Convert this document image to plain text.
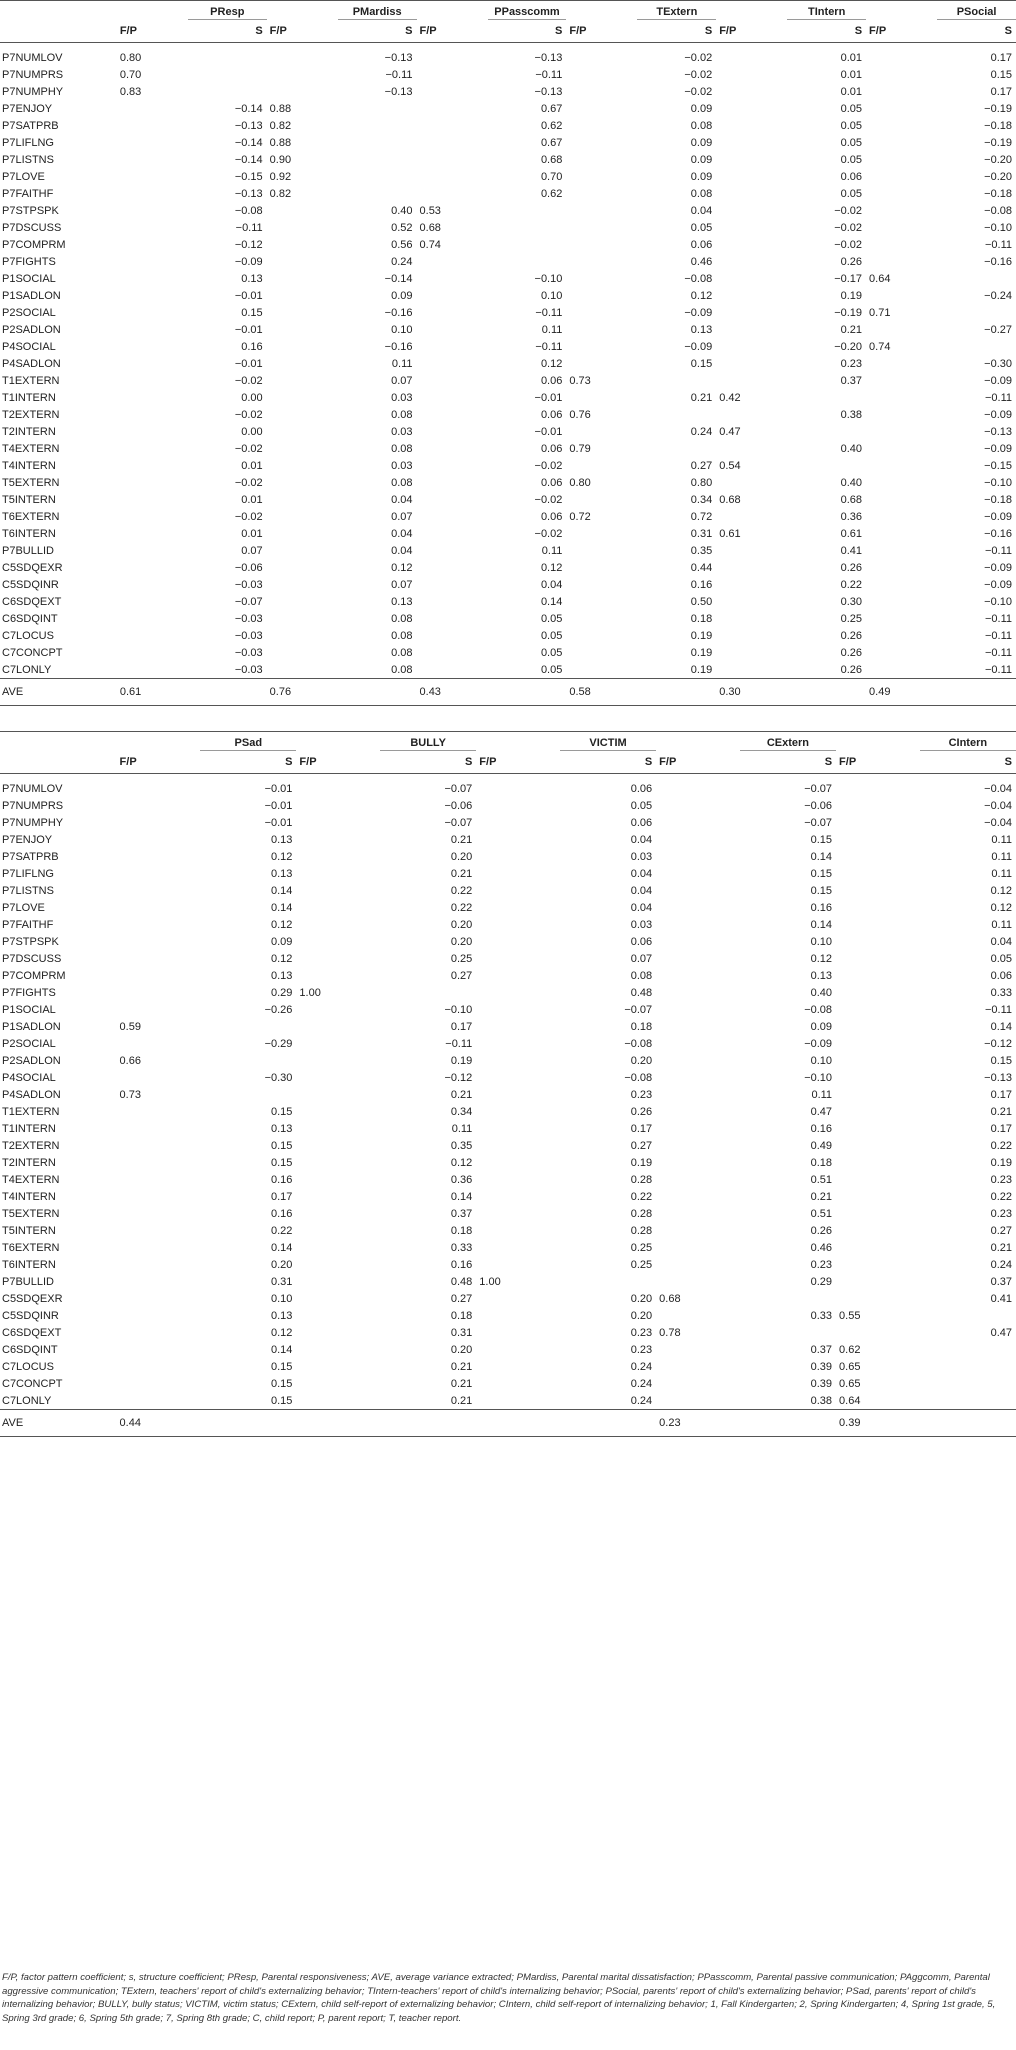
		PResp		PMardiss		PPasscomm		TExtern		TIntern		PSocial
	F/P	S	F/P	S	F/P	S	F/P	S	F/P	S	F/P	S

P7NUMLOV	0.80			−0.13		−0.13		−0.02		0.01		0.17
P7NUMPRS	0.70			−0.11		−0.11		−0.02		0.01		0.15
P7NUMPHY	0.83			−0.13		−0.13		−0.02		0.01		0.17
P7ENJOY		−0.14	0.88			0.67		0.09		0.05		−0.19
P7SATPRB		−0.13	0.82			0.62		0.08		0.05		−0.18
P7LIFLNG		−0.14	0.88			0.67		0.09		0.05		−0.19
P7LISTNS		−0.14	0.90			0.68		0.09		0.05		−0.20
P7LOVE		−0.15	0.92			0.70		0.09		0.06		−0.20
P7FAITHF		−0.13	0.82			0.62		0.08		0.05		−0.18
P7STPSPK		−0.08		0.40	0.53			0.04		−0.02		−0.08
P7DSCUSS		−0.11		0.52	0.68			0.05		−0.02		−0.10
P7COMPRM		−0.12		0.56	0.74			0.06		−0.02		−0.11
P7FIGHTS		−0.09		0.24				0.46		0.26		−0.16
P1SOCIAL		0.13		−0.14		−0.10		−0.08		−0.17	0.64	
P1SADLON		−0.01		0.09		0.10		0.12		0.19		−0.24
P2SOCIAL		0.15		−0.16		−0.11		−0.09		−0.19	0.71	
P2SADLON		−0.01		0.10		0.11		0.13		0.21		−0.27
P4SOCIAL		0.16		−0.16		−0.11		−0.09		−0.20	0.74	
P4SADLON		−0.01		0.11		0.12		0.15		0.23		−0.30
T1EXTERN		−0.02		0.07		0.06	0.73			0.37		−0.09
T1INTERN		0.00		0.03		−0.01		0.21	0.42			−0.11
T2EXTERN		−0.02		0.08		0.06	0.76			0.38		−0.09
T2INTERN		0.00		0.03		−0.01		0.24	0.47			−0.13
T4EXTERN		−0.02		0.08		0.06	0.79			0.40		−0.09
T4INTERN		0.01		0.03		−0.02		0.27	0.54			−0.15
T5EXTERN		−0.02		0.08		0.06	0.80	0.80		0.40		−0.10
T5INTERN		0.01		0.04		−0.02		0.34	0.68	0.68		−0.18
T6EXTERN		−0.02		0.07		0.06	0.72	0.72		0.36		−0.09
T6INTERN		0.01		0.04		−0.02		0.31	0.61	0.61		−0.16
P7BULLID		0.07		0.04		0.11		0.35		0.41		−0.11
C5SDQEXR		−0.06		0.12		0.12		0.44		0.26		−0.09
C5SDQINR		−0.03		0.07		0.04		0.16		0.22		−0.09
C6SDQEXT		−0.07		0.13		0.14		0.50		0.30		−0.10
C6SDQINT		−0.03		0.08		0.05		0.18		0.25		−0.11
C7LOCUS		−0.03		0.08		0.05		0.19		0.26		−0.11
C7CONCPT		−0.03		0.08		0.05		0.19		0.26		−0.11
C7LONLY		−0.03		0.08		0.05		0.19		0.26		−0.11
AVE	0.61		0.76		0.43		0.58		0.30		0.49	
		PSad		BULLY		VICTIM		CExtern		CIntern
	F/P	S	F/P	S	F/P	S	F/P	S	F/P	S

P7NUMLOV		−0.01		−0.07		0.06		−0.07		−0.04
P7NUMPRS		−0.01		−0.06		0.05		−0.06		−0.04
P7NUMPHY		−0.01		−0.07		0.06		−0.07		−0.04
P7ENJOY		0.13		0.21		0.04		0.15		0.11
P7SATPRB		0.12		0.20		0.03		0.14		0.11
P7LIFLNG		0.13		0.21		0.04		0.15		0.11
P7LISTNS		0.14		0.22		0.04		0.15		0.12
P7LOVE		0.14		0.22		0.04		0.16		0.12
P7FAITHF		0.12		0.20		0.03		0.14		0.11
P7STPSPK		0.09		0.20		0.06		0.10		0.04
P7DSCUSS		0.12		0.25		0.07		0.12		0.05
P7COMPRM		0.13		0.27		0.08		0.13		0.06
P7FIGHTS		0.29	1.00			0.48		0.40		0.33
P1SOCIAL		−0.26		−0.10		−0.07		−0.08		−0.11
P1SADLON	0.59			0.17		0.18		0.09		0.14
P2SOCIAL		−0.29		−0.11		−0.08		−0.09		−0.12
P2SADLON	0.66			0.19		0.20		0.10		0.15
P4SOCIAL		−0.30		−0.12		−0.08		−0.10		−0.13
P4SADLON	0.73			0.21		0.23		0.11		0.17
T1EXTERN		0.15		0.34		0.26		0.47		0.21
T1INTERN		0.13		0.11		0.17		0.16		0.17
T2EXTERN		0.15		0.35		0.27		0.49		0.22
T2INTERN		0.15		0.12		0.19		0.18		0.19
T4EXTERN		0.16		0.36		0.28		0.51		0.23
T4INTERN		0.17		0.14		0.22		0.21		0.22
T5EXTERN		0.16		0.37		0.28		0.51		0.23
T5INTERN		0.22		0.18		0.28		0.26		0.27
T6EXTERN		0.14		0.33		0.25		0.46		0.21
T6INTERN		0.20		0.16		0.25		0.23		0.24
P7BULLID		0.31		0.48	1.00			0.29		0.37
C5SDQEXR		0.10		0.27		0.20	0.68			0.41
C5SDQINR		0.13		0.18		0.20		0.33	0.55	
C6SDQEXT		0.12		0.31		0.23	0.78			0.47
C6SDQINT		0.14		0.20		0.23		0.37	0.62	
C7LOCUS		0.15		0.21		0.24		0.39	0.65	
C7CONCPT		0.15		0.21		0.24		0.39	0.65	
C7LONLY		0.15		0.21		0.24		0.38	0.64	
AVE	0.44						0.23		0.39	
F/P, factor pattern coefficient; s, structure coefficient; PResp, Parental responsiveness; AVE, average variance extracted; PMardiss, Parental marital dissatisfaction; PPasscomm, Parental passive communication; PAggcomm, Parental aggressive communication; TExtern, teachers' report of child's externalizing behavior; TIntern-teachers' report of child's internalizing behavior; PSocial, parents' report of child's externalizing behavior; PSad, parents' report of child's internalizing behavior; BULLY, bully status; VICTIM, victim status; CExtern, child self-report of externalizing behavior; CIntern, child self-report of internalizing behavior; 1, Fall Kindergarten; 2, Spring Kindergarten; 4, Spring 1st grade, 5, Spring 3rd grade; 6, Spring 5th grade; 7, Spring 8th grade; C, child report; P, parent report; T, teacher report.
